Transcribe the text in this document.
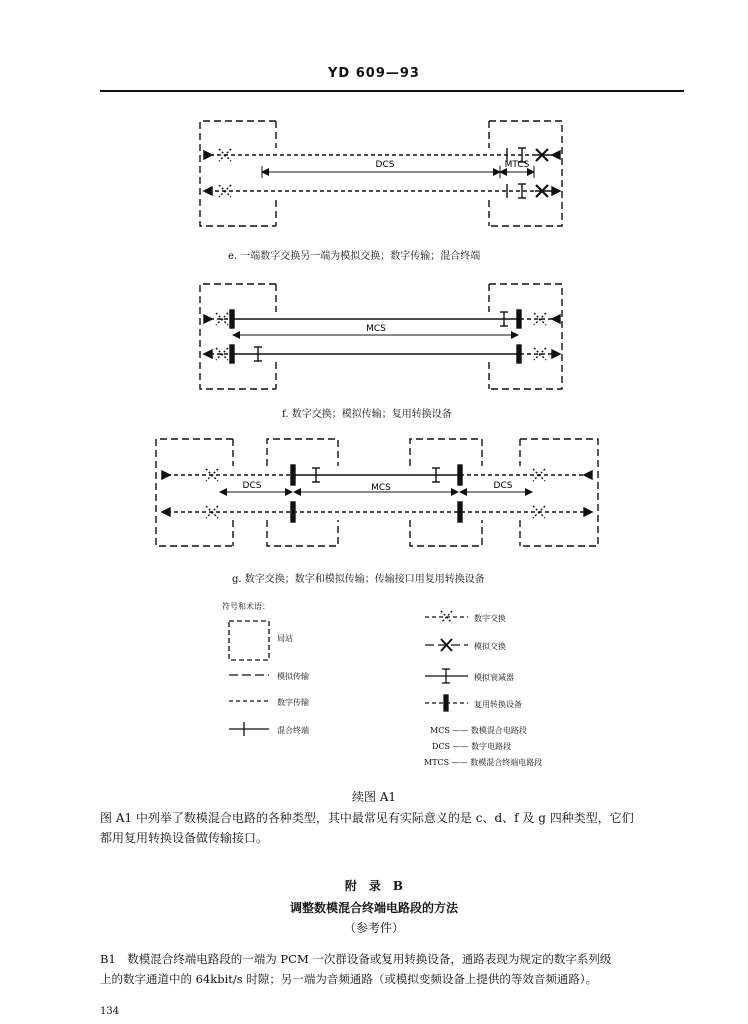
YD 609—93
DCS	MTCS
MCS
DCS	MCS	DCS
e. 一端数字交换另一端为模拟交换；数字传输；混合终端
f. 数字交换；模拟传输；复用转换设备
g. 数字交换；数字和模拟传输；传输接口用复用转换设备
符号和术语：
局站
模拟传输
数字传输
混合终端
数字交换
模拟交换
模拟衰减器
复用转换设备
MCS —— 数模混合电路段
DCS —— 数字电路段
MTCS —— 数模混合终端电路段
续图 A1
图 A1 中列举了数模混合电路的各种类型，其中最常见有实际意义的是 c、d、f 及 g 四种类型，它们
都用复用转换设备做传输接口。
附　录　B
调整数模混合终端电路段的方法
（参考件）
B1　数模混合终端电路段的一端为 PCM 一次群设备或复用转换设备，通路表现为规定的数字系列级
上的数字通道中的 64kbit/s 时隙；另一端为音频通路（或模拟变频设备上提供的等效音频通路）。
134
